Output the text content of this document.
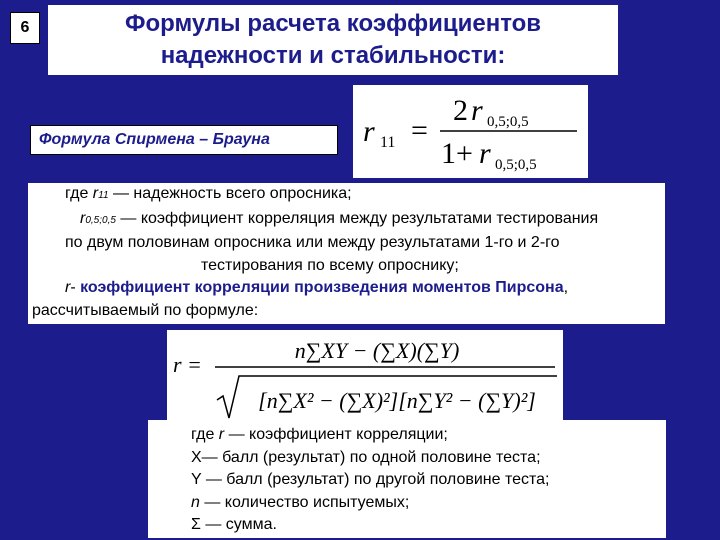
6	Формулы расчета коэффициентов
надежности и стабильности:
r 11 =
2 r 0,5;0,5
1 + r 0,5;0,5
Формула Спирмена – Брауна
где r11 — надежность всего опросника;
r0,5;0,5 — коэффициент корреляция между результатами тестирования
по двум половинам опросника или между результатами 1-го и 2-го
тестирования по всему опроснику;
r- коэффициент корреляции произведения моментов Пирсона,
рассчитываемый по формуле:
r =
n∑XY − (∑X)(∑Y)
[n∑X² − (∑X)²][n∑Y² − (∑Y)²]
где r — коэффициент корреляции;
X— балл (результат) по одной половине теста;
Y — балл (результат) по другой половине теста;
n — количество испытуемых;
Σ — сумма.
